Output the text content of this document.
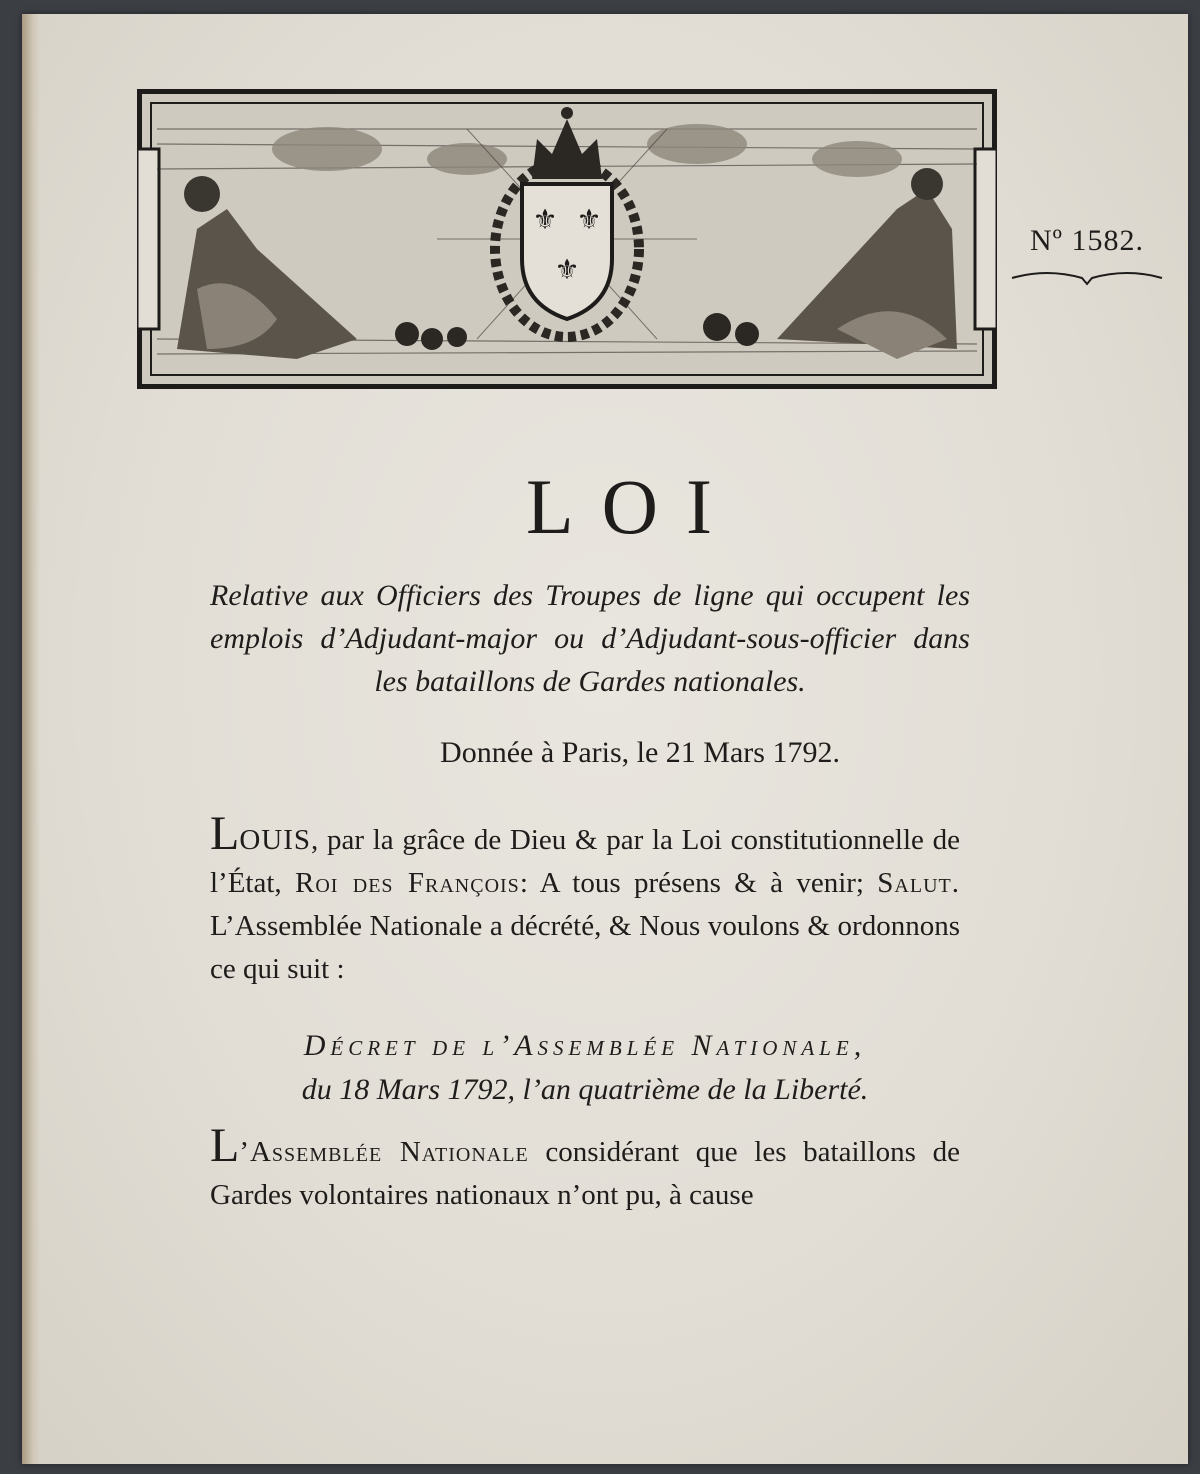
⚜ ⚜
⚜
Nº 1582.

LOI
Relative aux Officiers des Troupes de ligne qui occupent les emplois d’Adjudant-major ou d’Adjudant-sous-officier dans les bataillons de Gardes nationales.
Donnée à Paris, le 21 Mars 1792.
LOUIS, par la grâce de Dieu & par la Loi constitutionnelle de l’État, Roi des François: A tous présens & à venir; Salut. L’Assemblée Nationale a décrété, & Nous voulons & ordonnons ce qui suit :
Décret de l’Assemblée Nationale,
du 18 Mars 1792, l’an quatrième de la Liberté.
L’Assemblée Nationale considérant que les bataillons de Gardes volontaires nationaux n’ont pu, à cause
